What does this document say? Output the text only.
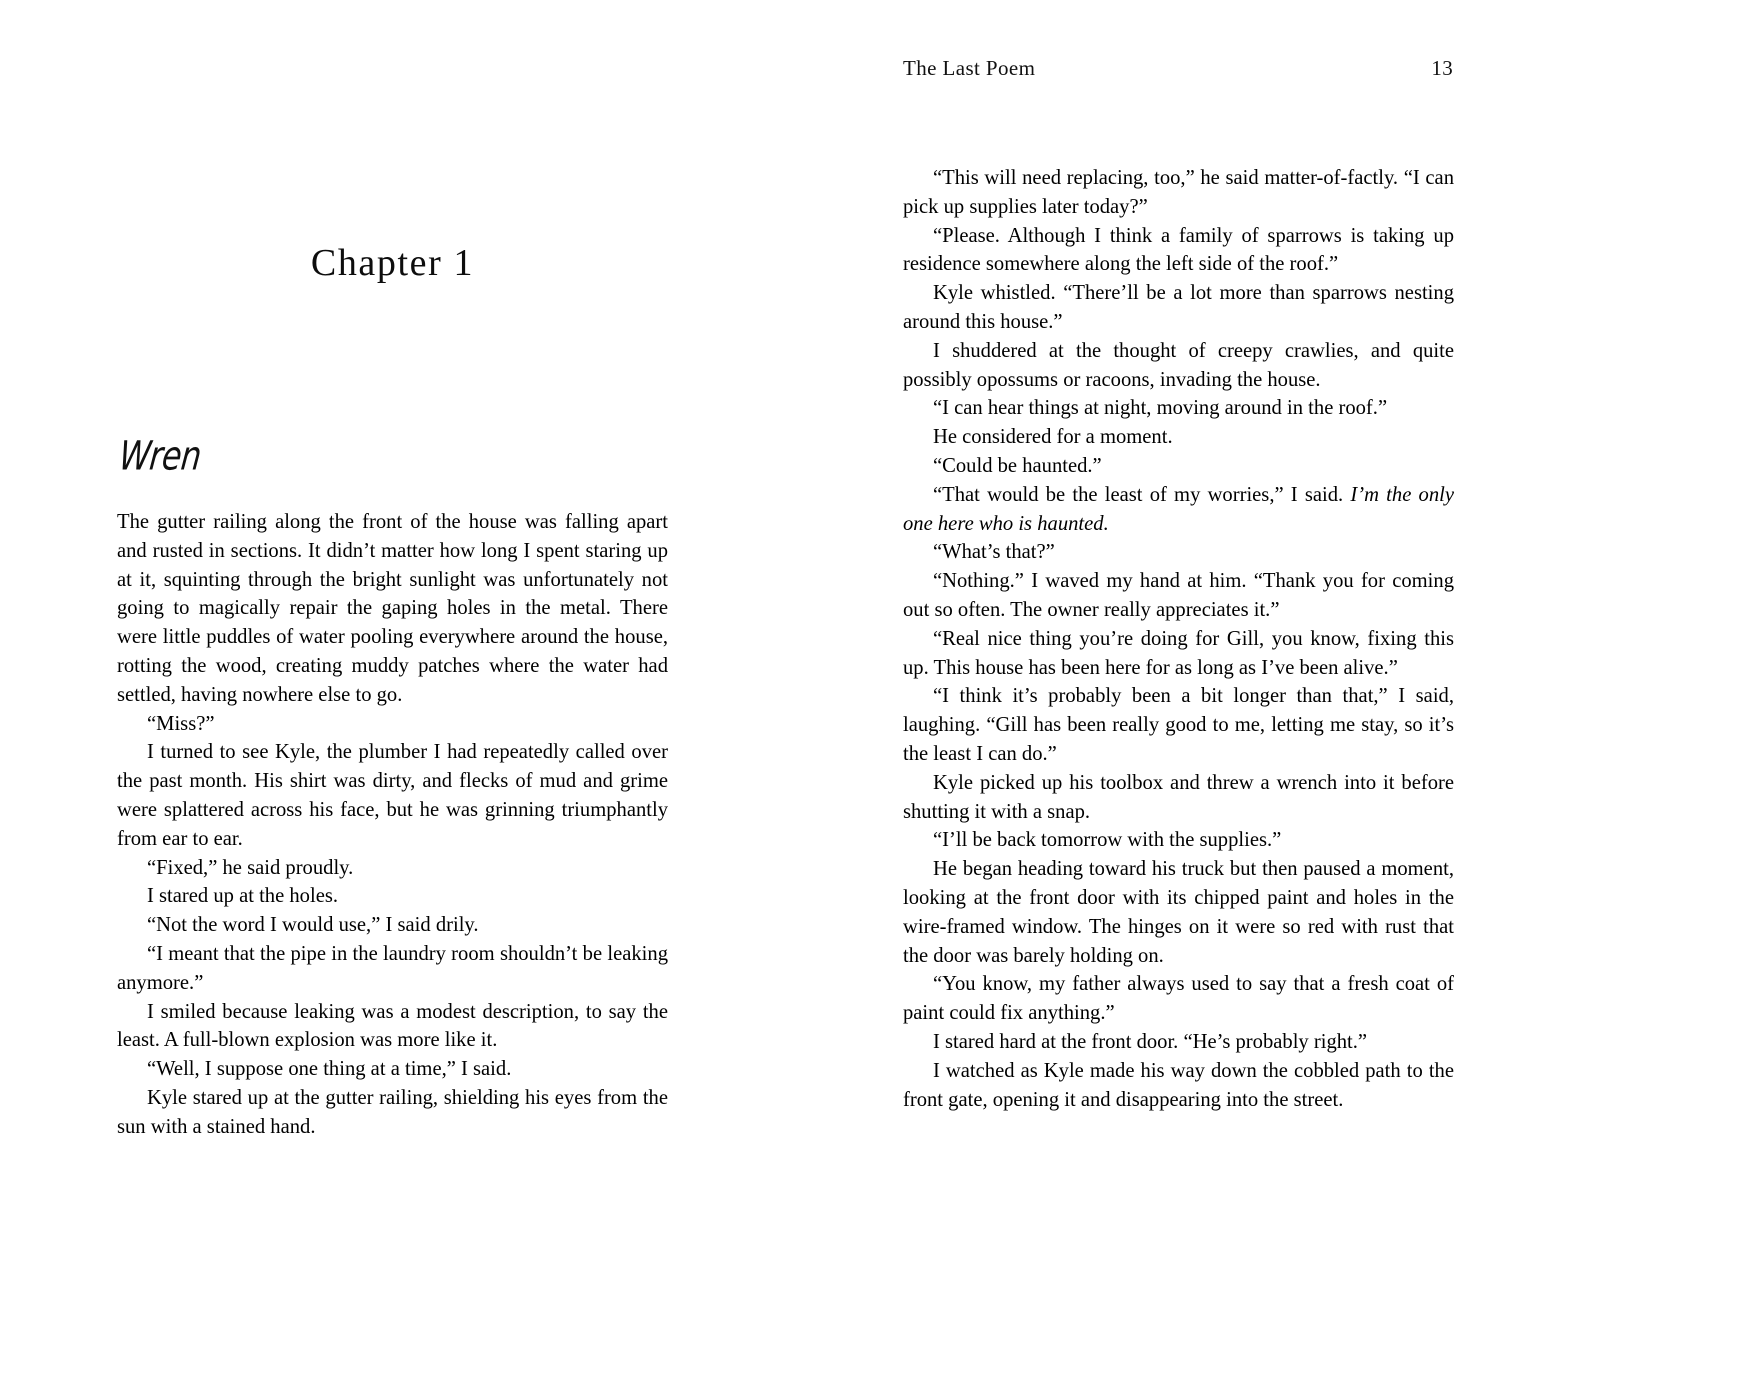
The Last Poem	13
Chapter 1
Wren

The gutter railing along the front of the house was falling apart and rusted in sections. It didn’t matter how long I spent staring up at it, squinting through the bright sunlight was unfortunately not going to magically repair the gaping holes in the metal. There were little puddles of water pooling everywhere around the house, rotting the wood, creating muddy patches where the water had settled, having nowhere else to go.

“Miss?”

I turned to see Kyle, the plumber I had repeatedly called over the past month. His shirt was dirty, and flecks of mud and grime were splattered across his face, but he was grinning triumphantly from ear to ear.

“Fixed,” he said proudly.

I stared up at the holes.

“Not the word I would use,” I said drily.

“I meant that the pipe in the laundry room shouldn’t be leaking anymore.”

I smiled because leaking was a modest description, to say the least. A full-blown explosion was more like it.

“Well, I suppose one thing at a time,” I said.

Kyle stared up at the gutter railing, shielding his eyes from the sun with a stained hand.

“This will need replacing, too,” he said matter-of-factly. “I can pick up supplies later today?”

“Please. Although I think a family of sparrows is taking up residence somewhere along the left side of the roof.”

Kyle whistled. “There’ll be a lot more than sparrows nesting around this house.”

I shuddered at the thought of creepy crawlies, and quite possibly opossums or racoons, invading the house.

“I can hear things at night, moving around in the roof.”

He considered for a moment.

“Could be haunted.”

“That would be the least of my worries,” I said. I’m the only one here who is haunted.

“What’s that?”

“Nothing.” I waved my hand at him. “Thank you for coming out so often. The owner really appreciates it.”

“Real nice thing you’re doing for Gill, you know, fixing this up. This house has been here for as long as I’ve been alive.”

“I think it’s probably been a bit longer than that,” I said, laughing. “Gill has been really good to me, letting me stay, so it’s the least I can do.”

Kyle picked up his toolbox and threw a wrench into it before shutting it with a snap.

“I’ll be back tomorrow with the supplies.”

He began heading toward his truck but then paused a moment, looking at the front door with its chipped paint and holes in the wire-framed window. The hinges on it were so red with rust that the door was barely holding on.

“You know, my father always used to say that a fresh coat of paint could fix anything.”

I stared hard at the front door. “He’s probably right.”

I watched as Kyle made his way down the cobbled path to the front gate, opening it and disappearing into the street.
